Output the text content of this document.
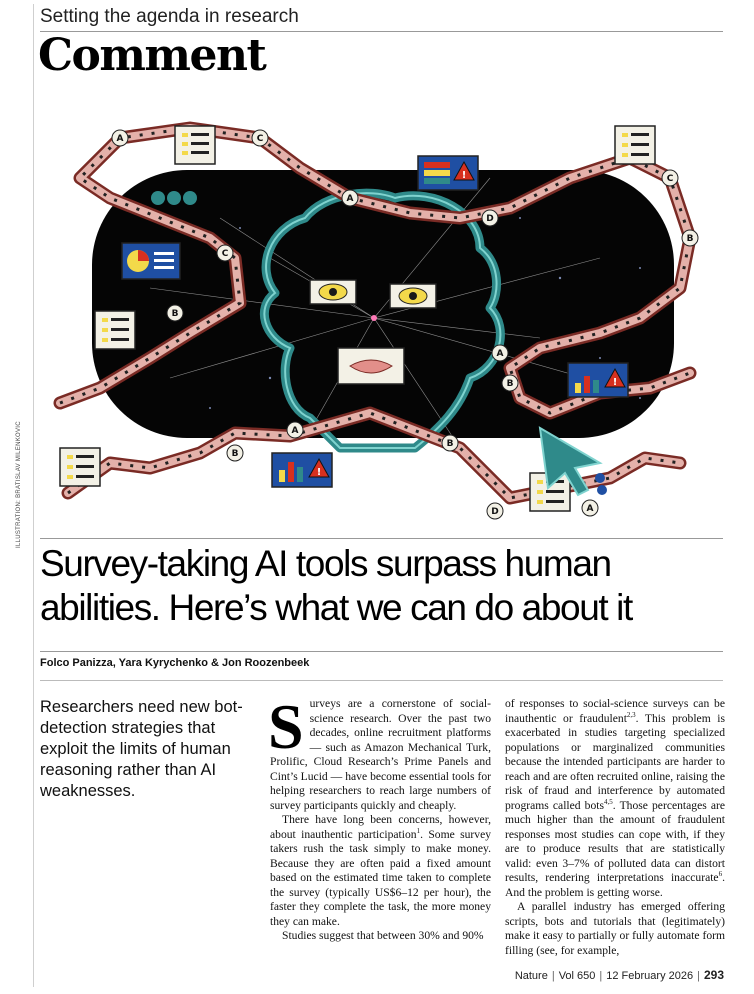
ILLUSTRATION: BRATISLAV MILENKOVIC
Setting the agenda in research
Comment
A	C
A
D
C
B
C
B
A
B
A
B
D	A
B
!
!
!
Survey-taking AI tools surpass human
abilities. Here’s what we can do about it
Folco Panizza, Yara Kyrychenko & Jon Roozenbeek

Researchers need new bot-detection strategies that exploit the limits of human reasoning rather than AI weaknesses.

Surveys are a cornerstone of social-science research. Over the past two decades, online recruitment platforms — such as Amazon Mechanical Turk, Prolific, Cloud Research’s Prime Panels and Cint’s Lucid — have become essential tools for helping researchers to reach large numbers of survey participants quickly and cheaply.

There have long been concerns, however, about inauthentic participation$^1$. Some survey takers rush the task simply to make money. Because they are often paid a fixed amount based on the estimated time taken to complete the survey (typically US$6–12 per hour), the faster they complete the task, the more money they can make.

Studies suggest that between 30% and 90%

of responses to social-science surveys can be inauthentic or fraudulent$^{2,3}$. This problem is exacerbated in studies targeting specialized populations or marginalized communities because the intended participants are harder to reach and are often recruited online, raising the risk of fraud and interference by automated programs called bots$^{4,5}$. Those percentages are much higher than the amount of fraudulent responses most studies can cope with, if they are to produce results that are statistically valid: even 3–7% of polluted data can distort results, rendering interpretations inaccurate$^6$. And the problem is getting worse.

A parallel industry has emerged offering scripts, bots and tutorials that (legitimately) make it easy to partially or fully automate form filling (see, for example,

Nature | Vol 650 | 12 February 2026 | 293
